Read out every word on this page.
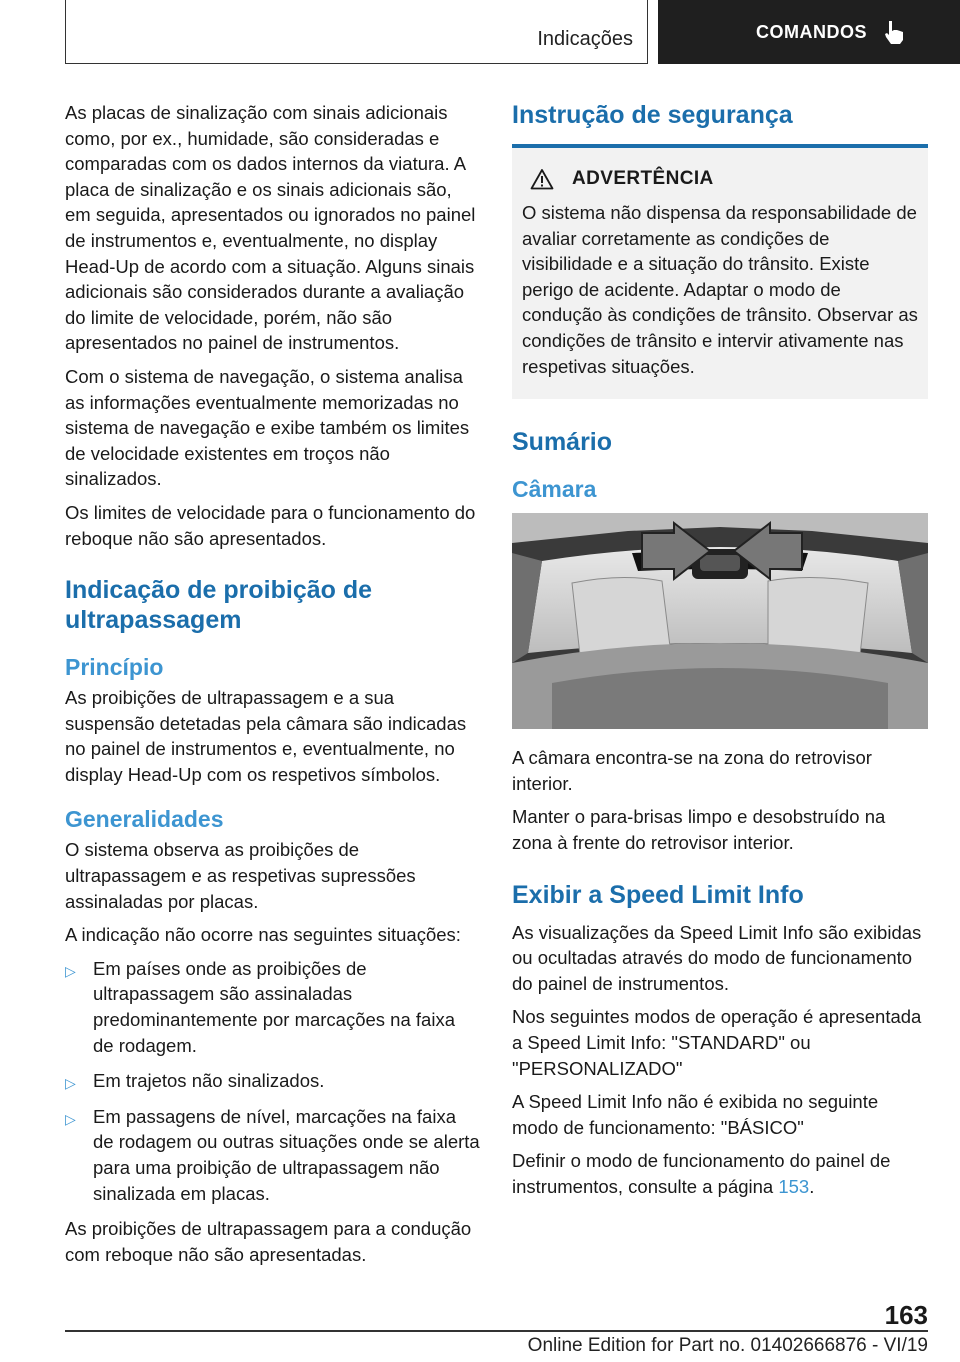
Indicações	COMANDOS

As placas de sinalização com sinais adicionais como, por ex., humidade, são consideradas e comparadas com os dados internos da viatura. A placa de sinalização e os sinais adicionais são, em seguida, apresentados ou ignorados no painel de instrumentos e, eventualmente, no display Head-Up de acordo com a situação. Alguns sinais adicionais são considerados durante a avaliação do limite de velocidade, porém, não são apresentados no painel de instrumentos.

Com o sistema de navegação, o sistema analisa as informações eventualmente memorizadas no sistema de navegação e exibe também os limites de velocidade existentes em troços não sinalizados.

Os limites de velocidade para o funcionamento do reboque não são apresentados.

Indicação de proibição de ultrapassagem
Princípio

As proibições de ultrapassagem e a sua suspensão detetadas pela câmara são indicadas no painel de instrumentos e, eventualmente, no display Head-Up com os respetivos símbolos.

Generalidades

O sistema observa as proibições de ultrapassagem e as respetivas supressões assinaladas por placas.

A indicação não ocorre nas seguintes situações:

▷ Em países onde as proibições de ultrapassagem são assinaladas predominantemente por marcações na faixa de rodagem.
▷ Em trajetos não sinalizados.
▷ Em passagens de nível, marcações na faixa de rodagem ou outras situações onde se alerta para uma proibição de ultrapassagem não sinalizada em placas.

As proibições de ultrapassagem para a condução com reboque não são apresentadas.

Instrução de segurança
ADVERTÊNCIA

O sistema não dispensa da responsabilidade de avaliar corretamente as condições de visibilidade e a situação do trânsito. Existe perigo de acidente. Adaptar o modo de condução às condições de trânsito. Observar as condições de trânsito e intervir ativamente nas respetivas situações.

Sumário
Câmara

A câmara encontra-se na zona do retrovisor interior.

Manter o para-brisas limpo e desobstruído na zona à frente do retrovisor interior.

Exibir a Speed Limit Info

As visualizações da Speed Limit Info são exibidas ou ocultadas através do modo de funcionamento do painel de instrumentos.

Nos seguintes modos de operação é apresentada a Speed Limit Info: "STANDARD" ou "PERSONALIZADO"

A Speed Limit Info não é exibida no seguinte modo de funcionamento: "BÁSICO"

Definir o modo de funcionamento do painel de instrumentos, consulte a página 153.

163
Online Edition for Part no. 01402666876 - VI/19
